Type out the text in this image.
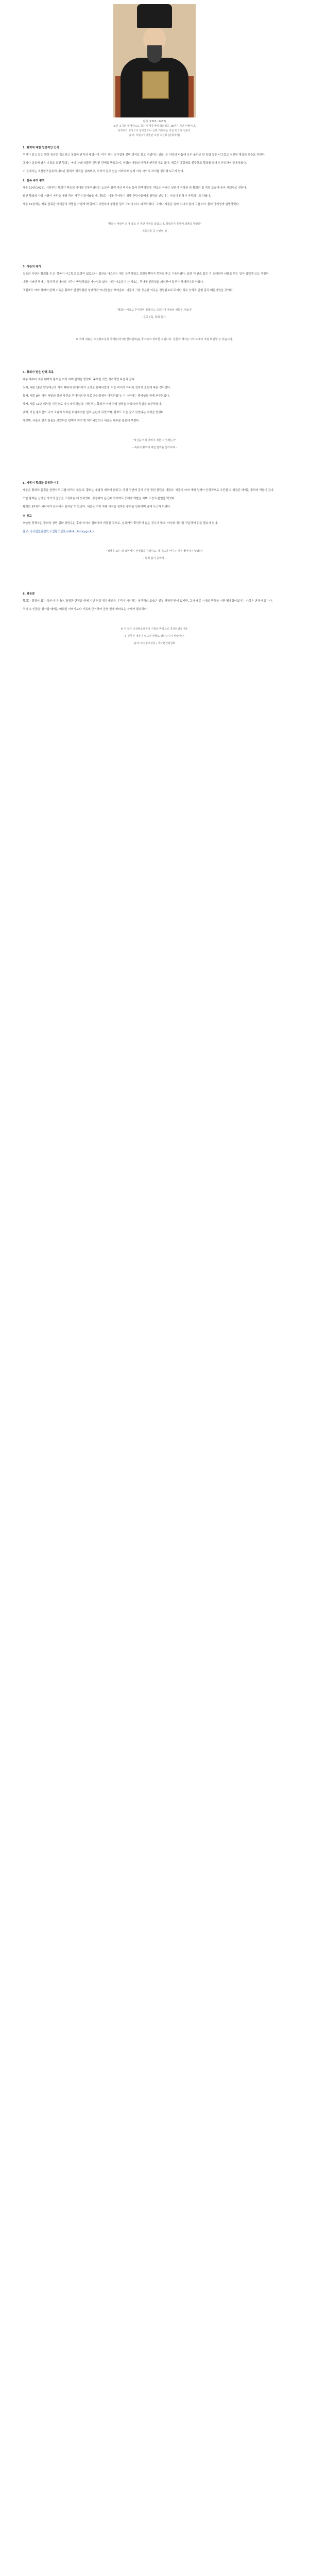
황희 (1363~1452)

조선 초기의 명재상으로 꼽히며 세종대에 영의정을 18년간 지낸 인물이다.

청백리의 표상으로 알려졌으나 실제 기록에는 다른 면모가 전한다.

출처: 국립고궁박물관 소장 초상화 (문화재청)

1. 황희에 대한 일반적인 인식

우리가 알고 있는 황희 정승은 검소하고 청렴한 관리의 대명사다. 비가 새는 초가집에 살며 멍석을 깔고 지냈다는 일화, 두 여종의 다툼에 모두 옳다고 한 일화 등은 너그럽고 청빈한 재상의 모습을 전한다.

그러나 실록에 남은 기록을 보면 황희는 여러 차례 뇌물과 관련된 탄핵을 받았으며, 사위와 아들의 비리에 연루되기도 했다. 세종은 그럼에도 불구하고 황희를 끝까지 신임하여 중용하였다.

이 글에서는 조선왕조실록에 나타난 황희의 행적을 살펴보고, 우리가 알고 있는 이미지와 실제 기록 사이의 차이를 정리해 보고자 한다.

2. 실록 속의 황희

세종 10년(1428), 사헌부는 황희가 박포의 아내와 간통하였다는 소문과 함께 여러 비리를 들어 탄핵하였다. 박포의 아내는 남편이 처형된 뒤 황희의 집 마당 토굴에 숨어 지냈다고 전한다.

또한 황희의 사위 서달이 아전을 때려 죽인 사건이 일어났을 때, 황희는 이를 무마하기 위해 관련자들에게 청탁을 넣었다는 사실이 밝혀져 파직되기도 하였다.

세종 12년에는 제주 감목관 태석균의 처벌을 가볍게 해 달라고 사헌부에 청탁한 일이 드러나 다시 파직되었다. 그러나 세종은 얼마 지나지 않아 그를 다시 불러 영의정에 임명하였다.

"황희는 재상이 되어 몇십 년 동안 정권을 잡았으나, 청렴하지 못하여 뇌물을 받았다"

- 세종실록 중 사관의 평 -

3. 사관의 평가

실록의 사관은 황희를 두고 '성품이 너그럽고 도량이 넓었으나, 집안을 다스리는 데는 부족하였고 청렴결백하지 못하였다'고 기록하였다. 또한 '정권을 잡은 지 오래되어 뇌물을 받는 일이 있었다'고도 적었다.

다만 이러한 평가는 정치적 반대파의 시각이 반영되었을 가능성도 있다. 사관 이호문이 쓴 사초는 후대에 신뢰성을 의심받아 일부가 삭제되기도 하였다.

그럼에도 여러 차례의 탄핵 기록은 황희가 완전무결한 청백리가 아니었음을 보여준다. 세종이 그를 중용한 이유는 청렴함보다 뛰어난 정무 능력과 균형 감각 때문이었을 것이다.

"황희는 어질고 후덕하며 침착하고 신중하여 재상의 체통을 지녔다"

- 문종실록, 황희 졸기 -

※ 아래 내용은 조선왕조실록 국역본(국사편찬위원회)을 참고하여 정리한 것입니다. 원문과 해석은 사이트에서 직접 확인할 수 있습니다.

4. 황희가 받은 탄핵 목록

태종 때부터 세종 때까지 황희는 여러 차례 탄핵을 받았다. 주요한 것만 정리하면 다음과 같다.

첫째, 태종 18년 양녕대군의 세자 폐위에 반대하다가 교하로 유배되었다. 이는 비리가 아니라 정치적 소신에 따른 것이었다.

둘째, 세종 8년 사위 서달의 살인 사건을 무마하려 한 일로 좌의정에서 파직되었다. 이 사건에는 맹사성도 함께 연루되었다.

셋째, 세종 12년 태석균 사건으로 다시 파직되었다. 사헌부는 황희가 여러 차례 청탁을 하였다며 엄벌을 요구하였다.

넷째, 아들 황치신이 국가 소유의 토지를 바꿔치기한 일로 논란이 되었으며, 황희도 이를 알고 있었다는 지적을 받았다.

다섯째, 뇌물로 말과 물품을 받았다는 탄핵이 여러 번 제기되었으나 세종은 대부분 불문에 부쳤다.

"대신을 어찌 가벼이 죄줄 수 있겠는가"

- 세종이 황희에 대한 탄핵을 물리치며 -

5. 세종이 황희를 중용한 이유

세종은 황희의 흠결을 알면서도 그를 버리지 않았다. 황희는 예법과 제도에 밝았고, 국정 전반에 걸쳐 균형 잡힌 판단을 내렸다. 세종의 여러 개혁 정책이 안정적으로 추진될 수 있었던 데에는 황희의 역할이 컸다.

또한 황희는 신하들 사이의 갈등을 조정하는 데 능하였다. 강경파와 온건파 사이에서 중재자 역할을 하며 조정의 분열을 막았다.

황희는 87세가 되어서야 관직에서 물러날 수 있었다. 세종은 여러 차례 사직을 청하는 황희를 만류하며 곁에 두고자 하였다.

※ 참고

오늘날 전해지는 황희의 청빈 일화 상당수는 후대 야사나 설화에서 비롯된 것으로, 실록에서 확인되지 않는 경우가 많다. 야사와 정사를 구분하여 읽을 필요가 있다.

참고: 국사편찬위원회 조선왕조실록 (sillok.history.go.kr)

"정사를 보는 데 있어서는 관대함을 숭상하고, 옛 제도를 바꾸는 것을 좋아하지 않았다"

- 황희 졸기 중에서 -

6. 맺음말

황희는 결점이 없는 성인이 아니라, 장점과 단점을 함께 지닌 현실 정치가였다. 우리가 기억하는 청백리의 모습은 일부 과장된 면이 있지만, 그가 세종 시대의 번영을 이끈 명재상이었다는 사실은 변하지 않는다.

역사 속 인물을 평가할 때에는 미화된 이미지보다 기록에 근거하여 균형 있게 바라보는 자세가 필요하다.

※ 이 글은 조선왕조실록의 기록을 바탕으로 작성되었습니다.

※ 잘못된 내용이 있으면 댓글로 알려주시기 바랍니다.

출처: 조선왕조실록 / 국사편찬위원회
